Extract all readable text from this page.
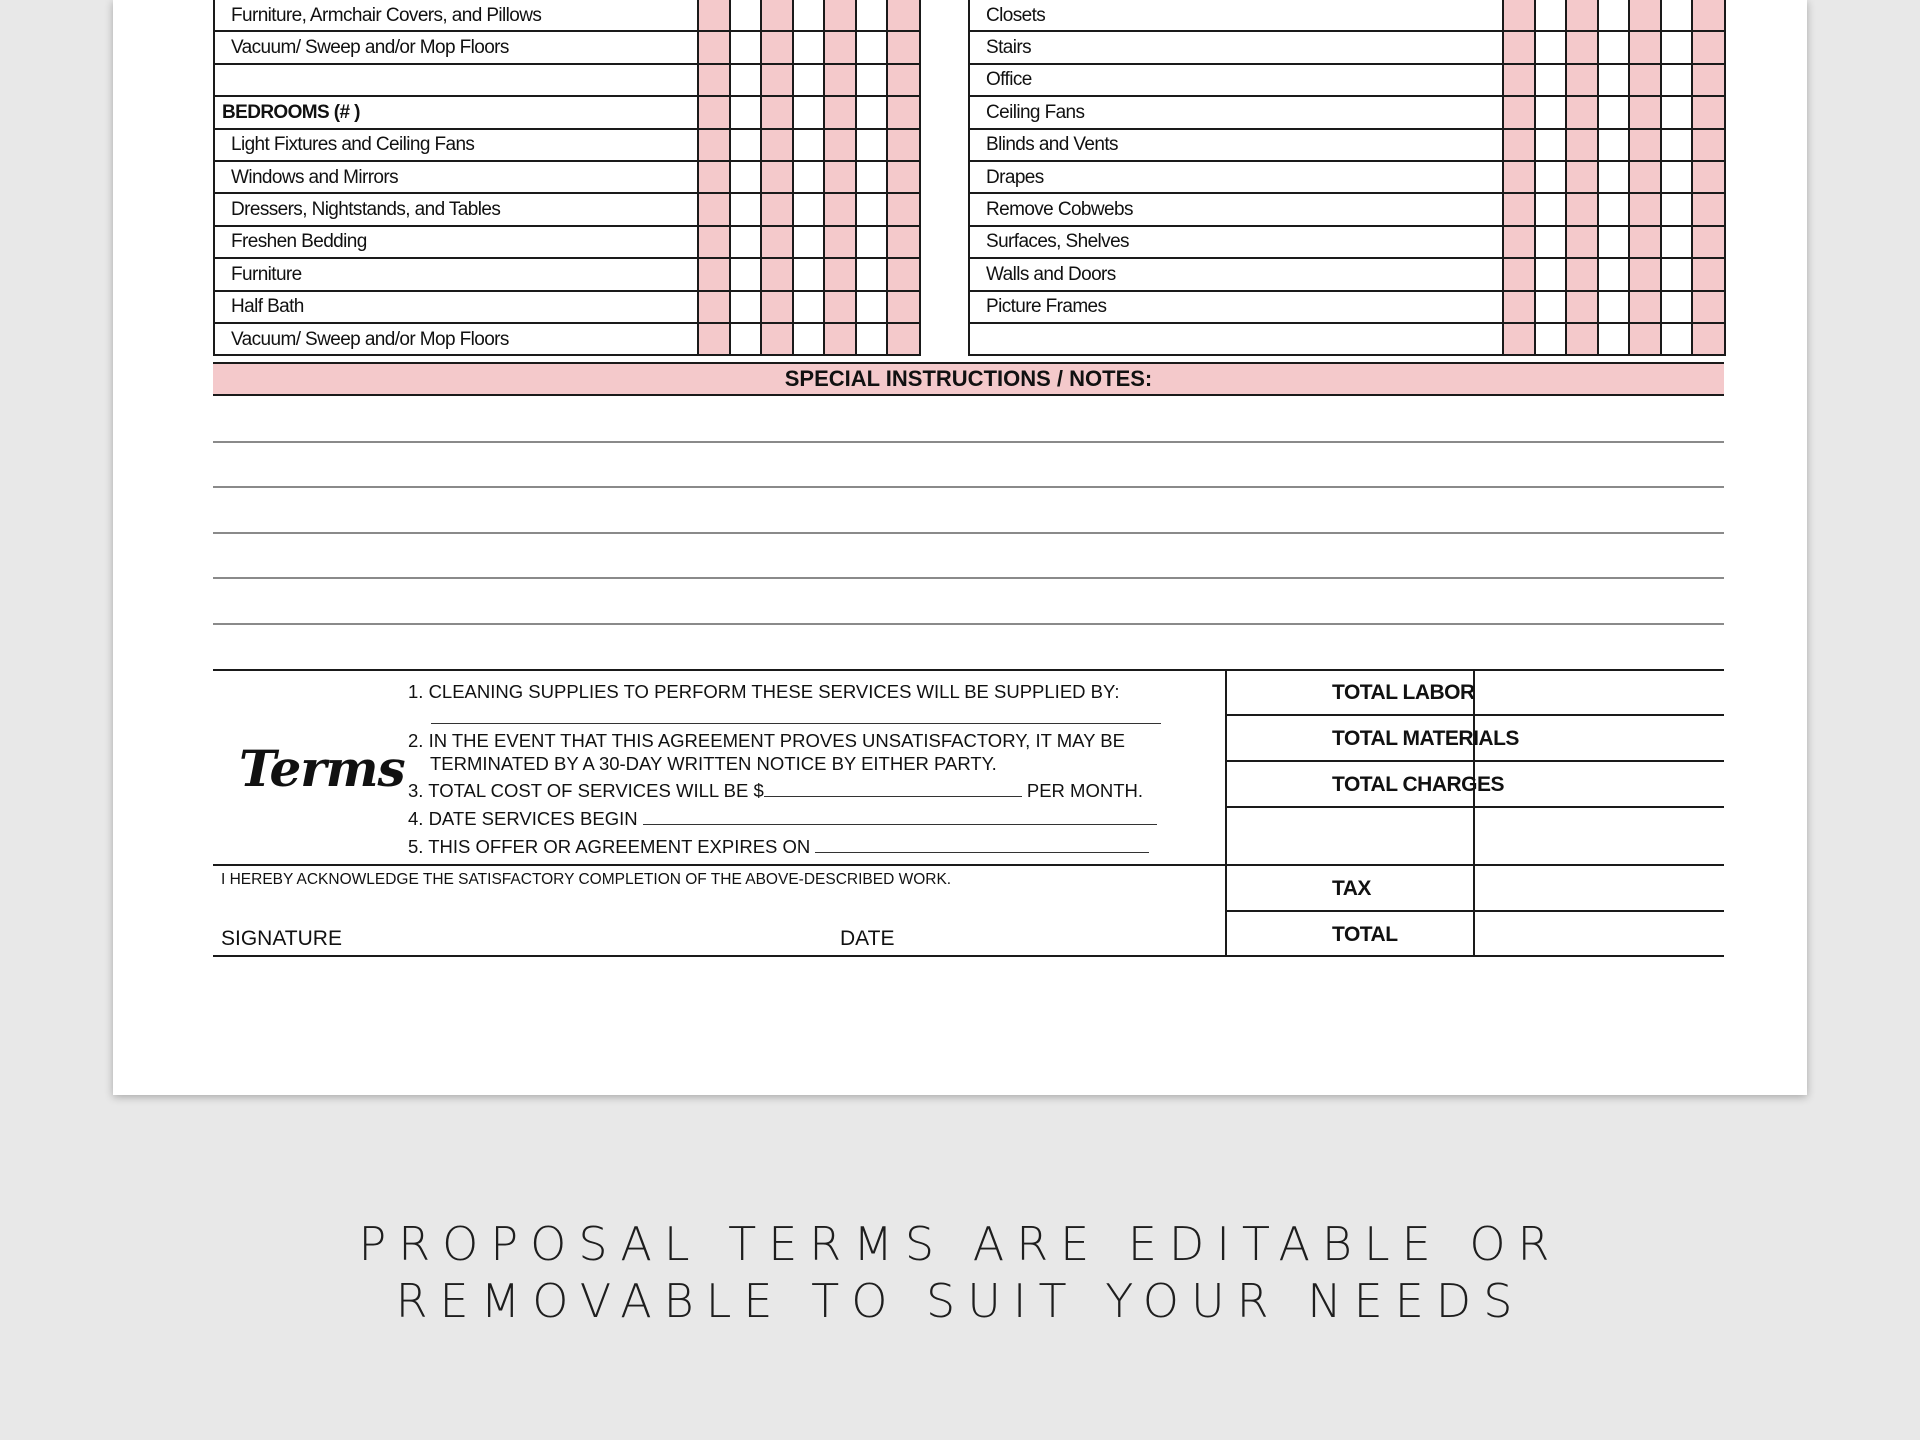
Furniture, Armchair Covers, and Pillows							
Vacuum/ Sweep and/or Mop Floors							

BEDROOMS (# )							
Light Fixtures and Ceiling Fans							
Windows and Mirrors							
Dressers, Nightstands, and Tables							
Freshen Bedding							
Furniture							
Half Bath							
Vacuum/ Sweep and/or Mop Floors							
Closets							
Stairs							
Office							
Ceiling Fans							
Blinds and Vents							
Drapes							
Remove Cobwebs							
Surfaces, Shelves							
Walls and Doors							
Picture Frames							

SPECIAL INSTRUCTIONS / NOTES:
Terms
1. CLEANING SUPPLIES TO PERFORM THESE SERVICES WILL BE SUPPLIED BY:
2. IN THE EVENT THAT THIS AGREEMENT PROVES UNSATISFACTORY, IT MAY BE
TERMINATED BY A 30-DAY WRITTEN NOTICE BY EITHER PARTY.
3. TOTAL COST OF SERVICES WILL BE $	PER MONTH.
4. DATE SERVICES BEGIN
5. THIS OFFER OR AGREEMENT EXPIRES ON
TOTAL LABOR
TOTAL MATERIALS
TOTAL CHARGES
TAX
TOTAL
I HEREBY ACKNOWLEDGE THE SATISFACTORY COMPLETION OF THE ABOVE-DESCRIBED WORK.
SIGNATURE	DATE
PROPOSAL TERMS ARE EDITABLE OR
REMOVABLE TO SUIT YOUR NEEDS
